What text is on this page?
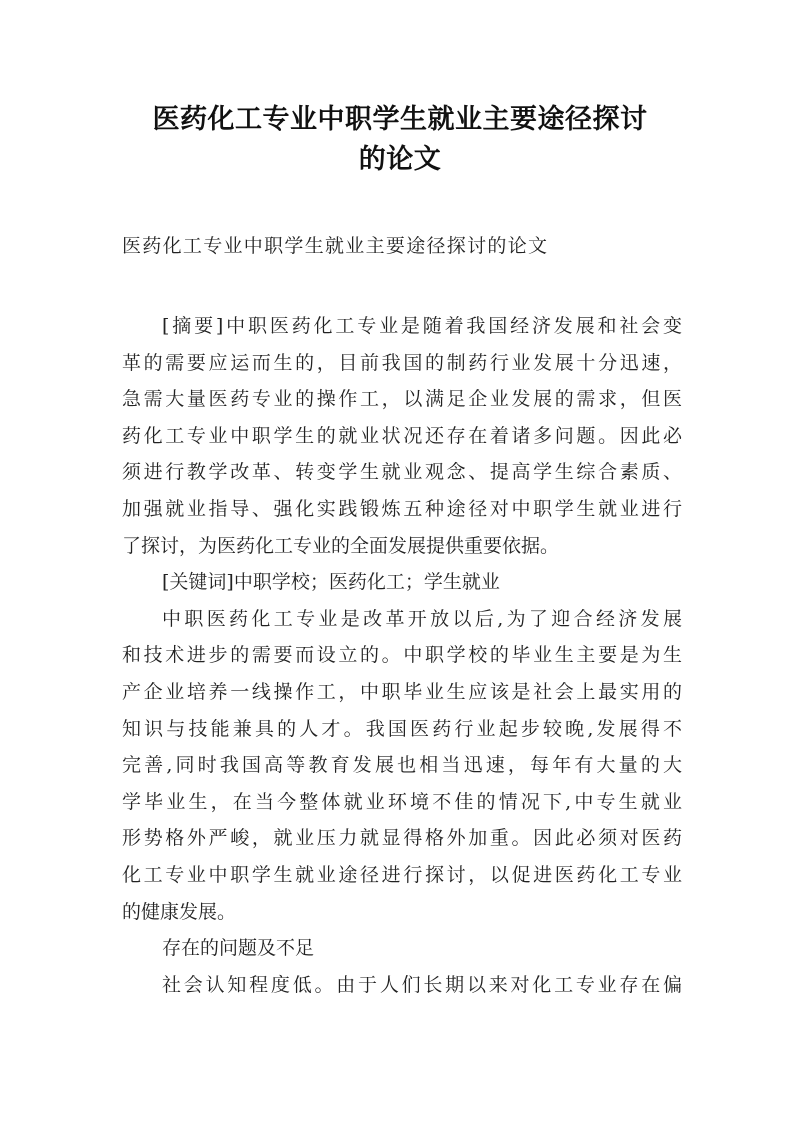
医药化工专业中职学生就业主要途径探讨
的论文
医药化工专业中职学生就业主要途径探讨的论文
[摘要]中职医药化工专业是随着我国经济发展和社会变
革的需要应运而生的，目前我国的制药行业发展十分迅速，
急需大量医药专业的操作工，以满足企业发展的需求，但医
药化工专业中职学生的就业状况还存在着诸多问题。因此必
须进行教学改革、转变学生就业观念、提高学生综合素质、
加强就业指导、强化实践锻炼五种途径对中职学生就业进行
了探讨，为医药化工专业的全面发展提供重要依据。
[关键词]中职学校；医药化工；学生就业
中职医药化工专业是改革开放以后,为了迎合经济发展
和技术进步的需要而设立的。中职学校的毕业生主要是为生
产企业培养一线操作工，中职毕业生应该是社会上最实用的
知识与技能兼具的人才。我国医药行业起步较晚,发展得不
完善,同时我国高等教育发展也相当迅速，每年有大量的大
学毕业生，在当今整体就业环境不佳的情况下,中专生就业
形势格外严峻，就业压力就显得格外加重。因此必须对医药
化工专业中职学生就业途径进行探讨，以促进医药化工专业
的健康发展。
存在的问题及不足
社会认知程度低。由于人们长期以来对化工专业存在偏
